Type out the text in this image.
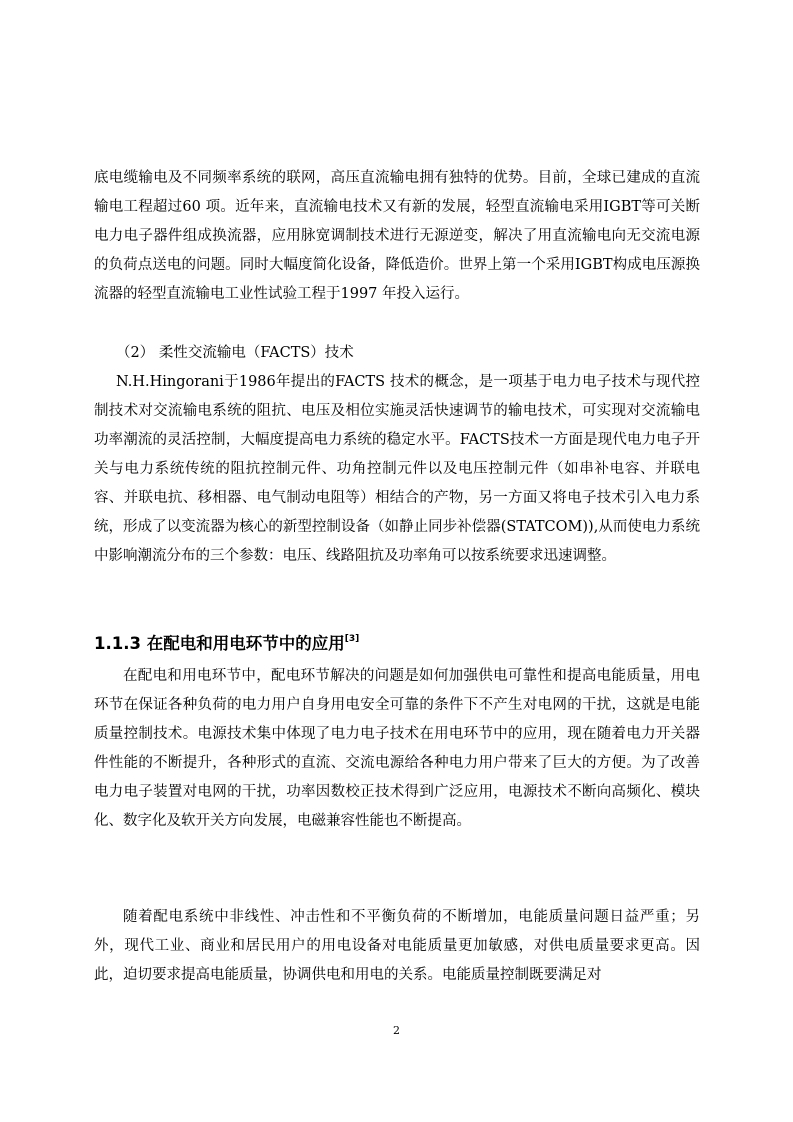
底电缆输电及不同频率系统的联网，高压直流输电拥有独特的优势。目前，全球已建成的直流输电工程超过60 项。近年来，直流输电技术又有新的发展，轻型直流输电采用IGBT等可关断电力电子器件组成换流器，应用脉宽调制技术进行无源逆变，解决了用直流输电向无交流电源的负荷点送电的问题。同时大幅度简化设备，降低造价。世界上第一个采用IGBT构成电压源换流器的轻型直流输电工业性试验工程于1997 年投入运行。

（2） 柔性交流输电（FACTS）技术

N.H.Hingorani于1986年提出的FACTS 技术的概念，是一项基于电力电子技术与现代控制技术对交流输电系统的阻抗、电压及相位实施灵活快速调节的输电技术，可实现对交流输电功率潮流的灵活控制，大幅度提高电力系统的稳定水平。FACTS技术一方面是现代电力电子开关与电力系统传统的阻抗控制元件、功角控制元件以及电压控制元件（如串补电容、并联电容、并联电抗、移相器、电气制动电阻等）相结合的产物，另一方面又将电子技术引入电力系统，形成了以变流器为核心的新型控制设备（如静止同步补偿器(STATCOM)),从而使电力系统中影响潮流分布的三个参数：电压、线路阻抗及功率角可以按系统要求迅速调整。

1.1.3 在配电和用电环节中的应用[3]

在配电和用电环节中，配电环节解决的问题是如何加强供电可靠性和提高电能质量，用电环节在保证各种负荷的电力用户自身用电安全可靠的条件下不产生对电网的干扰，这就是电能质量控制技术。电源技术集中体现了电力电子技术在用电环节中的应用，现在随着电力开关器件性能的不断提升，各种形式的直流、交流电源给各种电力用户带来了巨大的方便。为了改善电力电子装置对电网的干扰，功率因数校正技术得到广泛应用，电源技术不断向高频化、模块化、数字化及软开关方向发展，电磁兼容性能也不断提高。

随着配电系统中非线性、冲击性和不平衡负荷的不断增加，电能质量问题日益严重；另外，现代工业、商业和居民用户的用电设备对电能质量更加敏感，对供电质量要求更高。因此，迫切要求提高电能质量，协调供电和用电的关系。电能质量控制既要满足对

2
